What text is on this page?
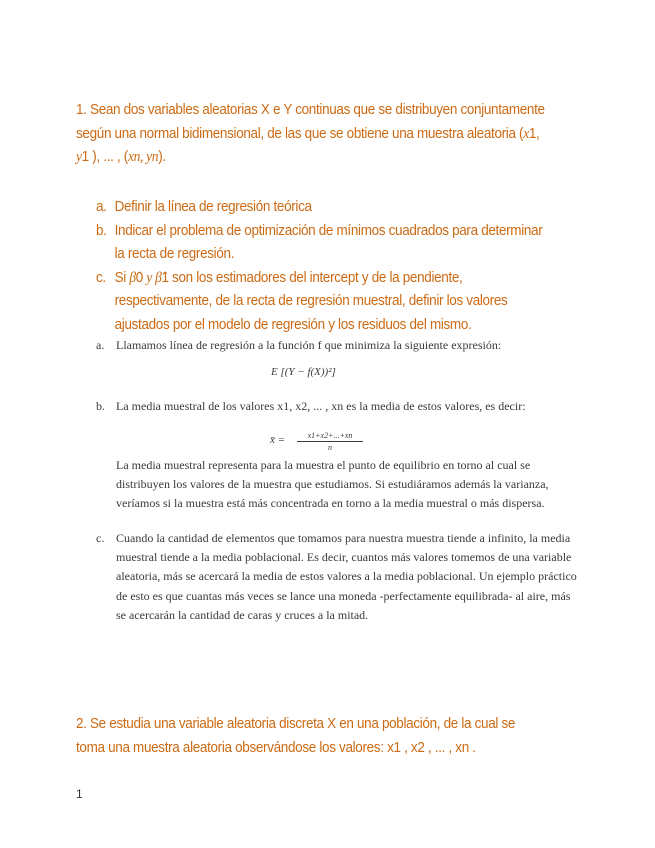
1. Sean dos variables aleatorias X e Y continuas que se distribuyen conjuntamente según una normal bidimensional, de las que se obtiene una muestra aleatoria (x1, y1 ), ... , (xn, yn).
a. Definir la línea de regresión teórica
b. Indicar el problema de optimización de mínimos cuadrados para determinar la recta de regresión.
c. Si β̂0 y β̂1 son los estimadores del intercept y de la pendiente, respectivamente, de la recta de regresión muestral, definir los valores ajustados por el modelo de regresión y los residuos del mismo.
a. Llamamos línea de regresión a la función f que minimiza la siguiente expresión:
E [(Y − f(X))²]
b. La media muestral de los valores x1, x2, ... , xn es la media de estos valores, es decir:
x̄ = $\frac{x1+x2+...+xn}{n}$
La media muestral representa para la muestra el punto de equilibrio en torno al cual se distribuyen los valores de la muestra que estudiamos. Si estudiáramos además la varianza, veríamos si la muestra está más concentrada en torno a la media muestral o más dispersa.
c. Cuando la cantidad de elementos que tomamos para nuestra muestra tiende a infinito, la media muestral tiende a la media poblacional. Es decir, cuantos más valores tomemos de una variable aleatoria, más se acercará la media de estos valores a la media poblacional. Un ejemplo práctico de esto es que cuantas más veces se lance una moneda -perfectamente equilibrada- al aire, más se acercarán la cantidad de caras y cruces a la mitad.
2. Se estudia una variable aleatoria discreta X en una población, de la cual se toma una muestra aleatoria observándose los valores: x1 , x2 , ... , xn .
1
